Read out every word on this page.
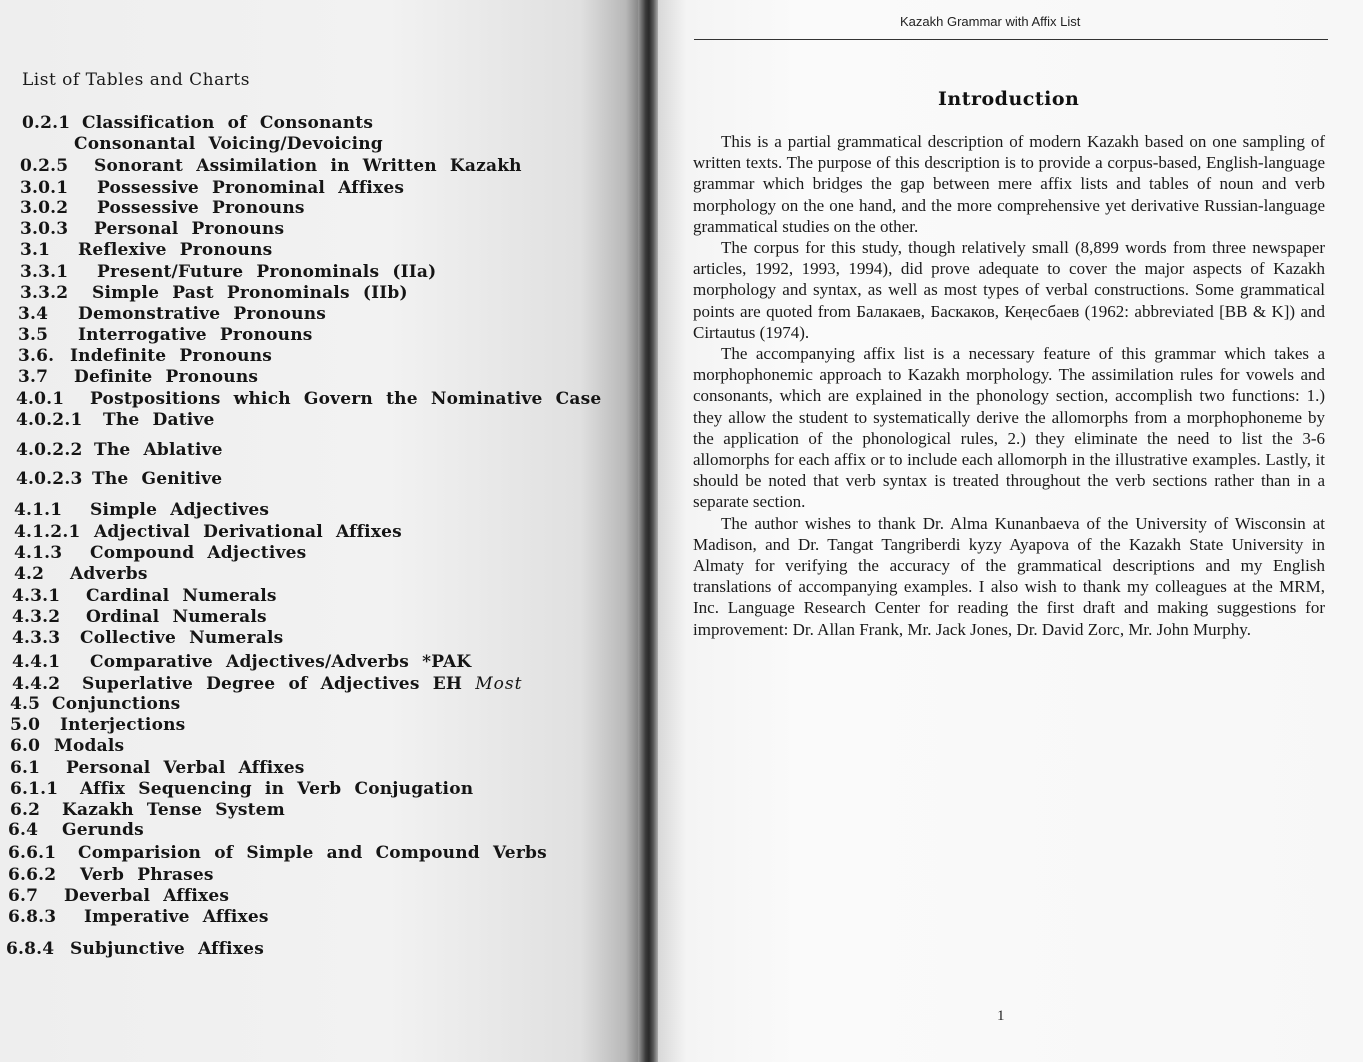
List of Tables and Charts
0.2.1 Classification of Consonants
Consonantal Voicing/Devoicing
0.2.5 Sonorant Assimilation in Written Kazakh
3.0.1 Possessive Pronominal Affixes
3.0.2 Possessive Pronouns
3.0.3 Personal Pronouns
3.1 Reflexive Pronouns
3.3.1 Present/Future Pronominals (IIa)
3.3.2 Simple Past Pronominals (IIb)
3.4 Demonstrative Pronouns
3.5 Interrogative Pronouns
3.6. Indefinite Pronouns
3.7 Definite Pronouns
4.0.1 Postpositions which Govern the Nominative Case
4.0.2.1 The Dative
4.0.2.2 The Ablative
4.0.2.3 The Genitive
4.1.1 Simple Adjectives
4.1.2.1 Adjectival Derivational Affixes
4.1.3 Compound Adjectives
4.2 Adverbs
4.3.1 Cardinal Numerals
4.3.2 Ordinal Numerals
4.3.3 Collective Numerals
4.4.1 Comparative Adjectives/Adverbs *PAK
4.4.2 Superlative Degree of Adjectives EH Most
4.5 Conjunctions
5.0 Interjections
6.0 Modals
6.1 Personal Verbal Affixes
6.1.1 Affix Sequencing in Verb Conjugation
6.2 Kazakh Tense System
6.4 Gerunds
6.6.1 Comparision of Simple and Compound Verbs
6.6.2 Verb Phrases
6.7 Deverbal Affixes
6.8.3 Imperative Affixes
6.8.4 Subjunctive Affixes
Kazakh Grammar with Affix List
Introduction

This is a partial grammatical description of modern Kazakh based on one sampling of written texts. The purpose of this description is to provide a corpus-based, English-language grammar which bridges the gap between mere affix lists and tables of noun and verb morphology on the one hand, and the more comprehensive yet derivative Russian-language grammatical studies on the other.

The corpus for this study, though relatively small (8,899 words from three newspaper articles, 1992, 1993, 1994), did prove adequate to cover the major aspects of Kazakh morphology and syntax, as well as most types of verbal constructions. Some grammatical points are quoted from Балакаев, Баскаков, Кеңесбаев (1962: abbreviated [BB & K]) and Cirtautus (1974).

The accompanying affix list is a necessary feature of this grammar which takes a morphophonemic approach to Kazakh morphology. The assimilation rules for vowels and consonants, which are explained in the phonology section, accomplish two functions: 1.) they allow the student to systematically derive the allomorphs from a morphophoneme by the application of the phonological rules, 2.) they eliminate the need to list the 3-6 allomorphs for each affix or to include each allomorph in the illustrative examples. Lastly, it should be noted that verb syntax is treated throughout the verb sections rather than in a separate section.

The author wishes to thank Dr. Alma Kunanbaeva of the University of Wisconsin at Madison, and Dr. Tangat Tangriberdi kyzy Ayapova of the Kazakh State University in Almaty for verifying the accuracy of the grammatical descriptions and my English translations of accompanying examples. I also wish to thank my colleagues at the MRM, Inc. Language Research Center for reading the first draft and making suggestions for improvement: Dr. Allan Frank, Mr. Jack Jones, Dr. David Zorc, Mr. John Murphy.

1
